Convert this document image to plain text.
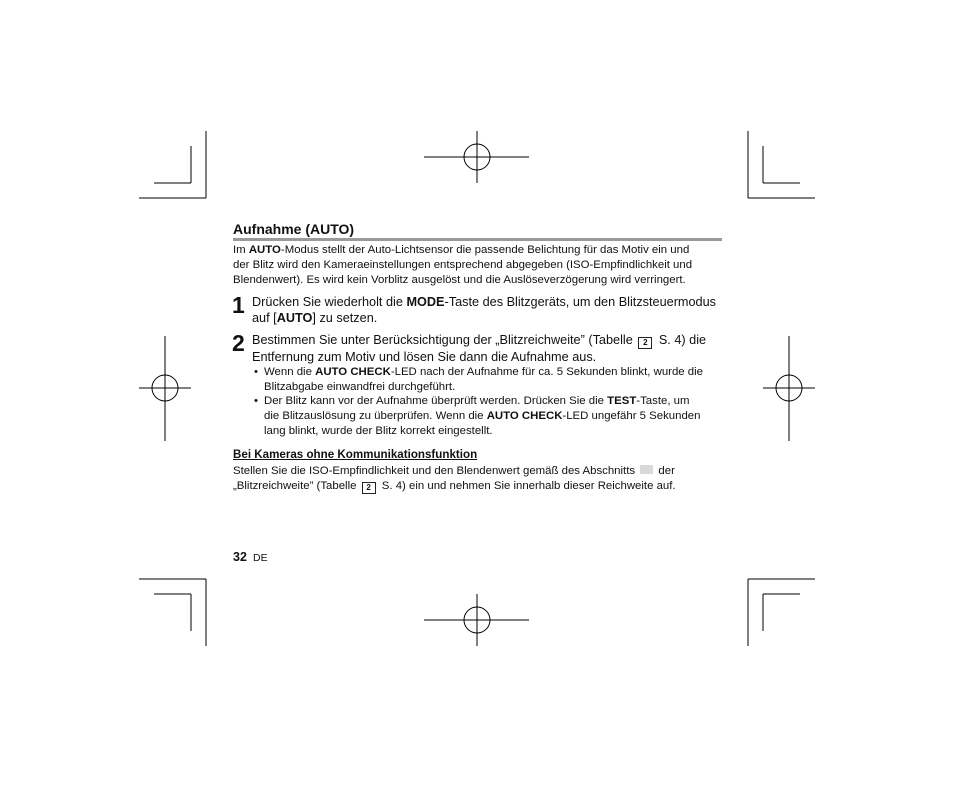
Aufnahme (AUTO)
Im AUTO-Modus stellt der Auto-Lichtsensor die passende Belichtung für das Motiv ein und
der Blitz wird den Kameraeinstellungen entsprechend abgegeben (ISO-Empfindlichkeit und
Blendenwert). Es wird kein Vorblitz ausgelöst und die Auslöseverzögerung wird verringert.
1 Drücken Sie wiederholt die MODE-Taste des Blitzgeräts, um den Blitzsteuermodus
auf [AUTO] zu setzen.
2 Bestimmen Sie unter Berücksichtigung der „Blitzreichweite” (Tabelle 2 S. 4) die
Entfernung zum Motiv und lösen Sie dann die Aufnahme aus.
• Wenn die AUTO CHECK-LED nach der Aufnahme für ca. 5 Sekunden blinkt, wurde die
Blitzabgabe einwandfrei durchgeführt.
• Der Blitz kann vor der Aufnahme überprüft werden. Drücken Sie die TEST-Taste, um
die Blitzauslösung zu überprüfen. Wenn die AUTO CHECK-LED ungefähr 5 Sekunden
lang blinkt, wurde der Blitz korrekt eingestellt.
Bei Kameras ohne Kommunikationsfunktion
Stellen Sie die ISO-Empfindlichkeit und den Blendenwert gemäß des Abschnitts  der
„Blitzreichweite” (Tabelle 2 S. 4) ein und nehmen Sie innerhalb dieser Reichweite auf.
32 DE
